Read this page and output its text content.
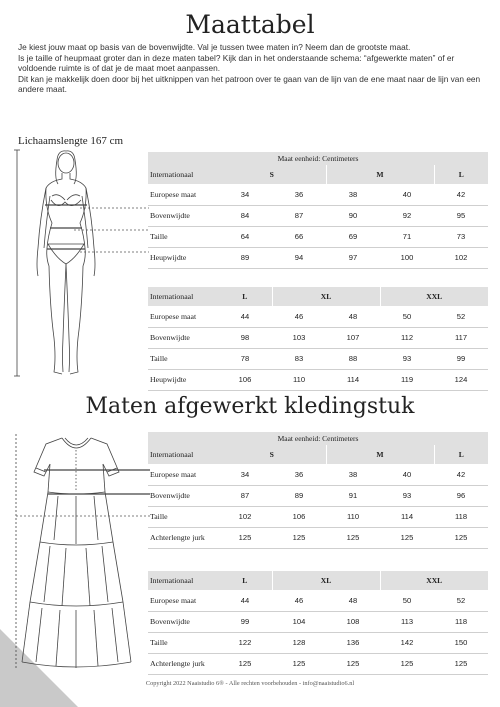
Maattabel

Je kiest jouw maat op basis van de bovenwijdte. Val je tussen twee maten in? Neem dan de grootste maat.

Is je taille of heupmaat groter dan in deze maten tabel? Kijk dan in het onderstaande schema: “afgewerkte maten” of er voldoende ruimte is of dat je de maat moet aanpassen.

Dit kan je makkelijk doen door bij het uitknippen van het patroon over te gaan van de lijn van de ene maat naar de lijn van een andere maat.

Lichaamslengte 167 cm
Maat eenheid: Centimeters					
Internationaal	S		M		L
Europese maat	34	36	38	40	42
Bovenwijdte	84	87	90	92	95
Taille	64	66	69	71	73
Heupwijdte	89	94	97	100	102
Internationaal	L	XL		XXL	
Europese maat	44	46	48	50	52
Bovenwijdte	98	103	107	112	117
Taille	78	83	88	93	99
Heupwijdte	106	110	114	119	124
Maten afgewerkt kledingstuk
Maat eenheid: Centimeters					
Internationaal	S		M		L
Europese maat	34	36	38	40	42
Bovenwijdte	87	89	91	93	96
Taille	102	106	110	114	118
Achterlengte jurk	125	125	125	125	125
Internationaal	L	XL		XXL	
Europese maat	44	46	48	50	52
Bovenwijdte	99	104	108	113	118
Taille	122	128	136	142	150
Achterlengte jurk	125	125	125	125	125
Copyright 2022 Naaistudio 6® - Alle rechten voorbehouden - info@naaistudio6.nl
